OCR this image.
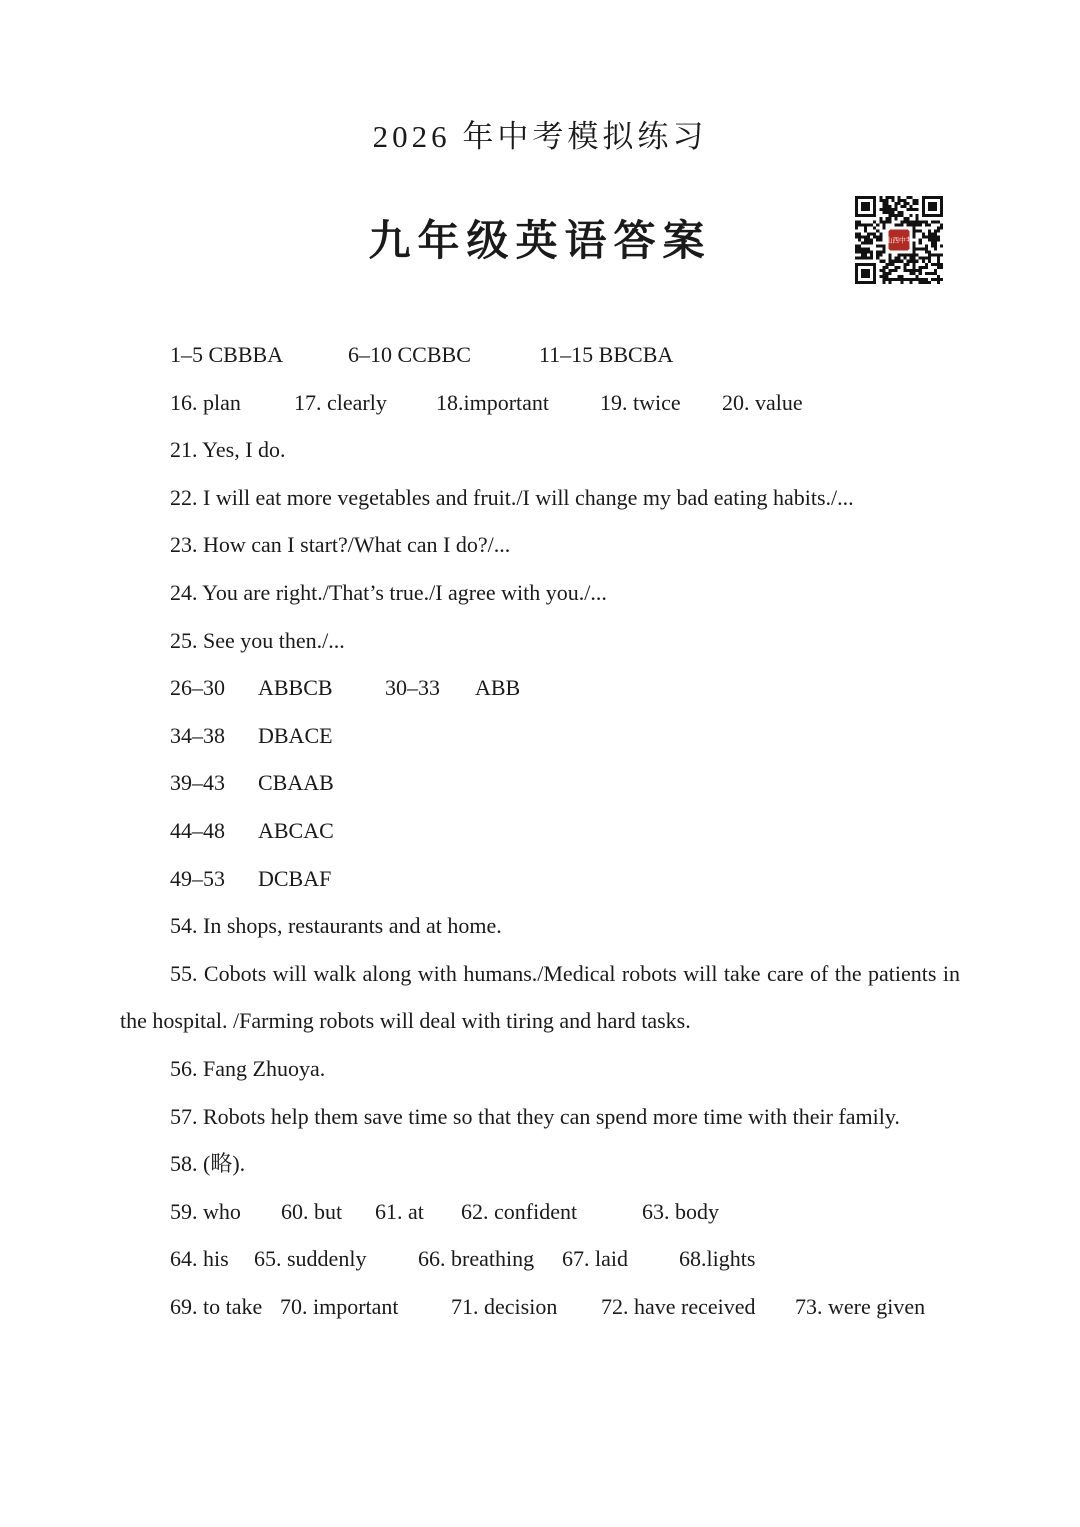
2026 年中考模拟练习
九年级英语答案	山西中考
1–5 CBBBA	6–10 CCBBC	11–15 BBCBA
16. plan 17. clearly 18.important 19. twice 20. value
21. Yes, I do.
22. I will eat more vegetables and fruit./I will change my bad eating habits./...
23. How can I start?/What can I do?/...
24. You are right./That’s true./I agree with you./...
25. See you then./...
26–30 ABBCB 30–33 ABB
34–38 DBACE
39–43 CBAAB
44–48 ABCAC
49–53 DCBAF
54. In shops, restaurants and at home.
55. Cobots will walk along with humans./Medical robots will take care of the patients in the hospital. /Farming robots will deal with tiring and hard tasks.
56. Fang Zhuoya.
57. Robots help them save time so that they can spend more time with their family.
58. (略).
59. who 60. but 61. at 62. confident	63. body
64. his 65. suddenly 66. breathing 67. laid 68.lights
69. to take 70. important 71. decision 72. have received 73. were given
